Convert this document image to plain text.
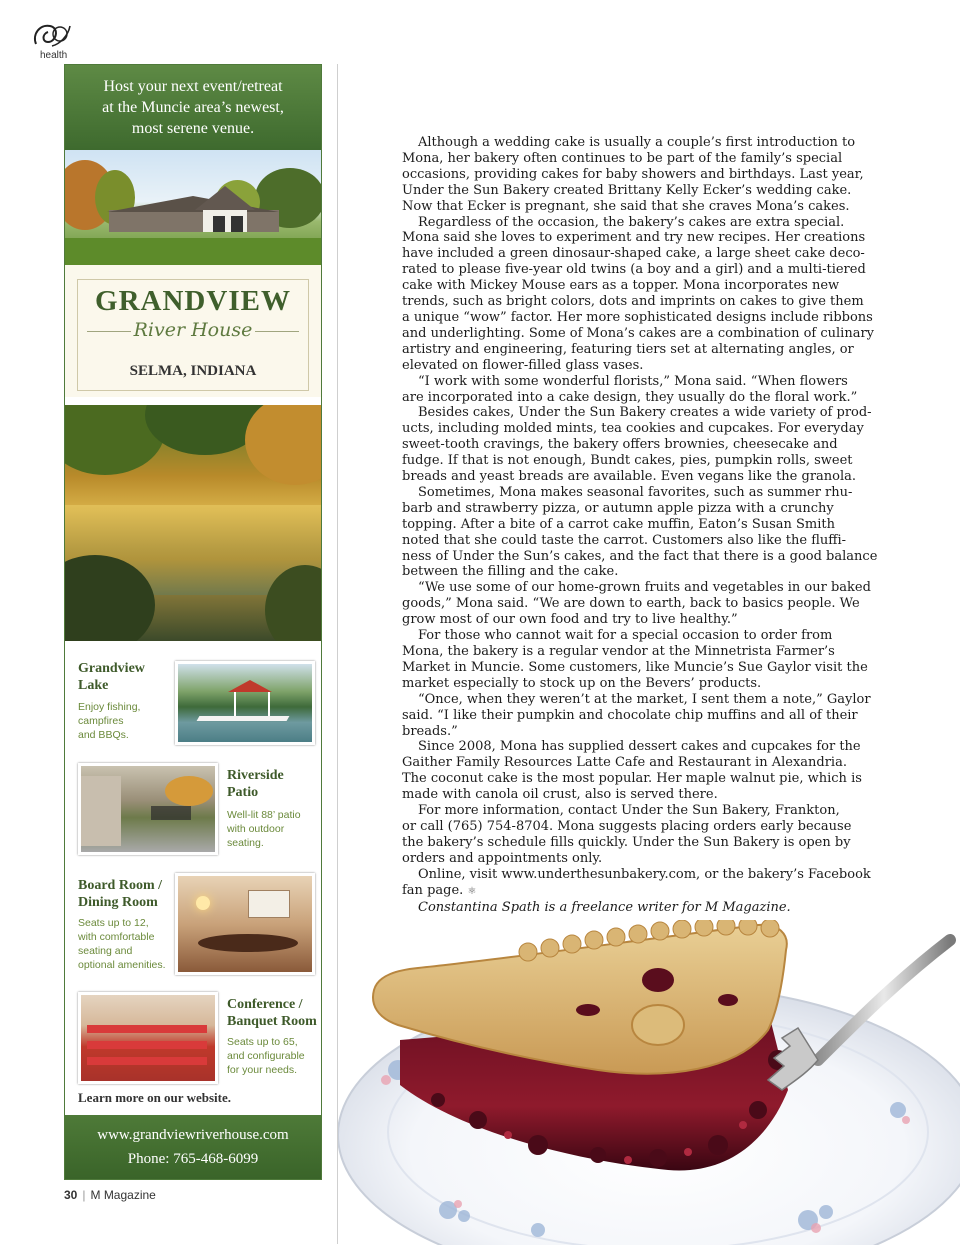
health
Host your next event/retreat
at the Muncie area’s newest,
most serene venue.
GRANDVIEW
River House
SELMA, INDIANA
Grandview
Lake
Enjoy fishing,
campfires
and BBQs.
Riverside
Patio
Well-lit 88’ patio
with outdoor
seating.
Board Room /
Dining Room
Seats up to 12,
with comfortable
seating and
optional amenities.
Conference /
Banquet Room
Seats up to 65,
and configurable
for your needs.
Learn more on our website.
www.grandviewriverhouse.com
Phone: 765-468-6099

Although a wedding cake is usually a couple’s first introduction to
Mona, her bakery often continues to be part of the family’s special
occasions, providing cakes for baby showers and birthdays. Last year,
Under the Sun Bakery created Brittany Kelly Ecker’s wedding cake.
Now that Ecker is pregnant, she said that she craves Mona’s cakes.

Regardless of the occasion, the bakery’s cakes are extra special.
Mona said she loves to experiment and try new recipes. Her creations
have included a green dinosaur-shaped cake, a large sheet cake deco-
rated to please five-year old twins (a boy and a girl) and a multi-tiered
cake with Mickey Mouse ears as a topper. Mona incorporates new
trends, such as bright colors, dots and imprints on cakes to give them
a unique “wow” factor. Her more sophisticated designs include ribbons
and underlighting. Some of Mona’s cakes are a combination of culinary
artistry and engineering, featuring tiers set at alternating angles, or
elevated on flower-filled glass vases.

“I work with some wonderful florists,” Mona said. “When flowers
are incorporated into a cake design, they usually do the floral work.”

Besides cakes, Under the Sun Bakery creates a wide variety of prod-
ucts, including molded mints, tea cookies and cupcakes. For everyday
sweet-tooth cravings, the bakery offers brownies, cheesecake and
fudge. If that is not enough, Bundt cakes, pies, pumpkin rolls, sweet
breads and yeast breads are available. Even vegans like the granola.

Sometimes, Mona makes seasonal favorites, such as summer rhu-
barb and strawberry pizza, or autumn apple pizza with a crunchy
topping. After a bite of a carrot cake muffin, Eaton’s Susan Smith
noted that she could taste the carrot. Customers also like the fluffi-
ness of Under the Sun’s cakes, and the fact that there is a good balance
between the filling and the cake.

“We use some of our home-grown fruits and vegetables in our baked
goods,” Mona said. “We are down to earth, back to basics people. We
grow most of our own food and try to live healthy.”

For those who cannot wait for a special occasion to order from
Mona, the bakery is a regular vendor at the Minnetrista Farmer’s
Market in Muncie. Some customers, like Muncie’s Sue Gaylor visit the
market especially to stock up on the Bevers’ products.

“Once, when they weren’t at the market, I sent them a note,” Gaylor
said. “I like their pumpkin and chocolate chip muffins and all of their
breads.”

Since 2008, Mona has supplied dessert cakes and cupcakes for the
Gaither Family Resources Latte Cafe and Restaurant in Alexandria.
The coconut cake is the most popular. Her maple walnut pie, which is
made with canola oil crust, also is served there.

For more information, contact Under the Sun Bakery, Frankton,
or call (765) 754-8704. Mona suggests placing orders early because
the bakery’s schedule fills quickly. Under the Sun Bakery is open by
orders and appointments only.

Online, visit www.underthesunbakery.com, or the bakery’s Facebook
fan page. ⚛

Constantina Spath is a freelance writer for M Magazine.

30 | M Magazine
